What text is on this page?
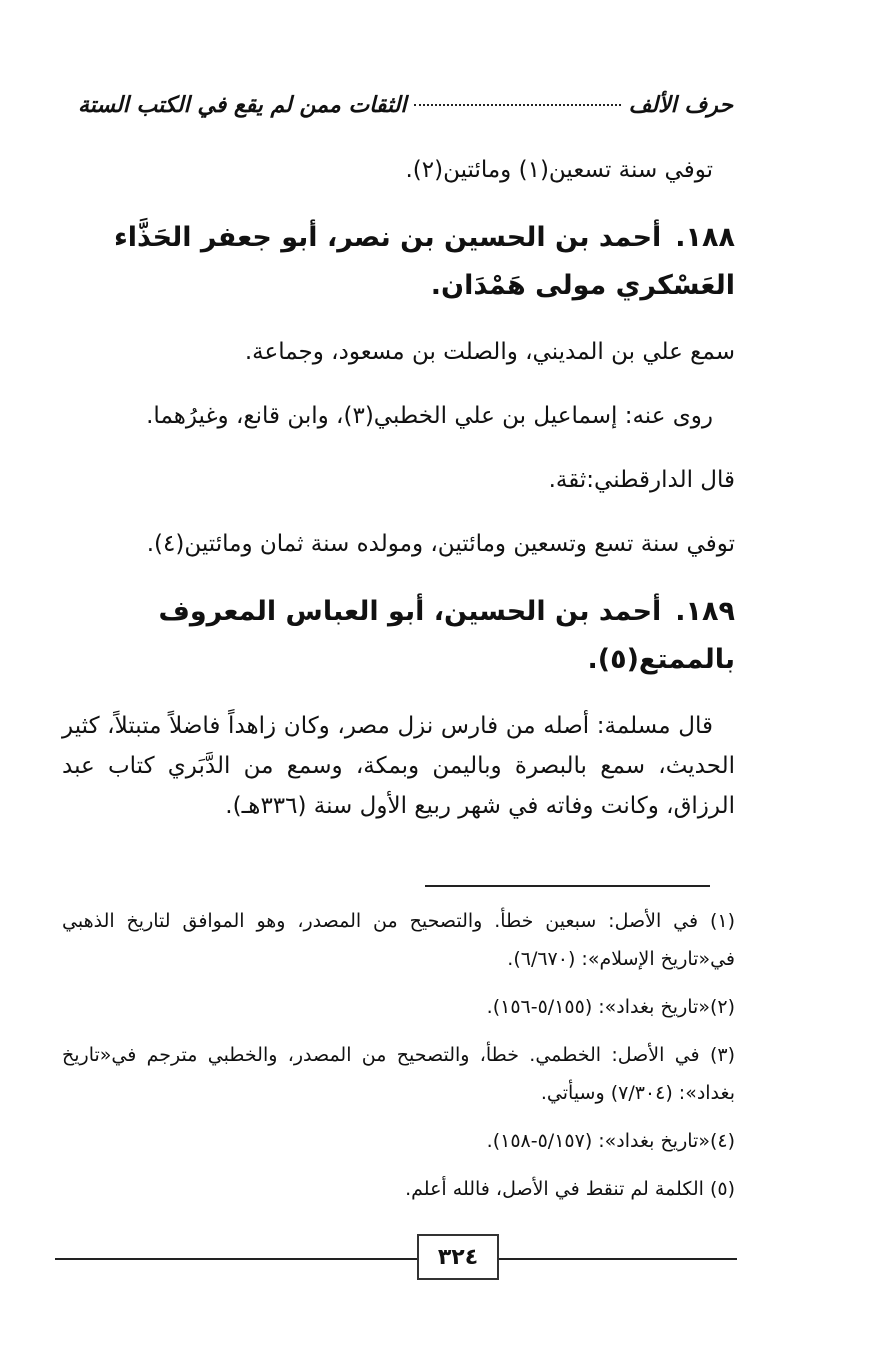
حرف الألف
الثقات ممن لم يقع في الكتب الستة

توفي سنة تسعين(١) ومائتين(٢).

١٨٨.أحمد بن الحسين بن نصر، أبو جعفر الحَذَّاء العَسْكري مولى هَمْدَان.

سمع علي بن المديني، والصلت بن مسعود، وجماعة.

روى عنه: إسماعيل بن علي الخطبي(٣)، وابن قانع، وغيرُهما.

قال الدارقطني:ثقة.

توفي سنة تسع وتسعين ومائتين، ومولده سنة ثمان ومائتين(٤).

١٨٩.أحمد بن الحسين، أبو العباس المعروف بالممتع(٥).

قال مسلمة: أصله من فارس نزل مصر، وكان زاهداً فاضلاً متبتلاً، كثير الحديث، سمع بالبصرة وباليمن وبمكة، وسمع من الدَّبَري كتاب عبد الرزاق، وكانت وفاته في شهر ربيع الأول سنة (٣٣٦هـ).

(١) في الأصل: سبعين خطأ. والتصحيح من المصدر، وهو الموافق لتاريخ الذهبي في«تاريخ الإسلام»: (٦/٦٧٠).

(٢)«تاريخ بغداد»: (٥/١٥٥-١٥٦).

(٣) في الأصل: الخطمي. خطأ، والتصحيح من المصدر، والخطبي مترجم في«تاريخ بغداد»: (٧/٣٠٤) وسيأتي.

(٤)«تاريخ بغداد»: (٥/١٥٧-١٥٨).

(٥) الكلمة لم تنقط في الأصل، فالله أعلم.

٣٢٤
